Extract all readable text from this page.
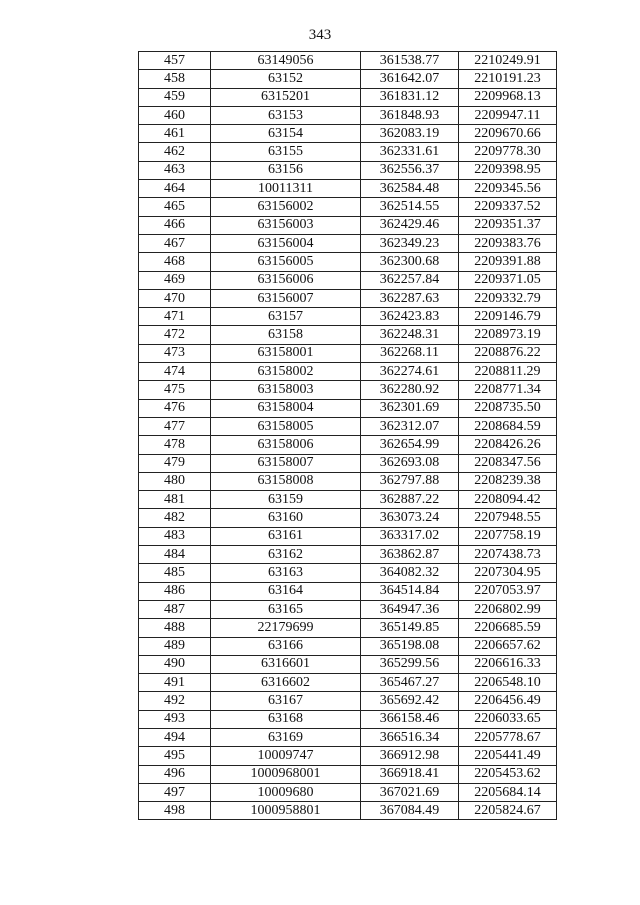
343
457	63149056	361538.77	2210249.91
458	63152	361642.07	2210191.23
459	6315201	361831.12	2209968.13
460	63153	361848.93	2209947.11
461	63154	362083.19	2209670.66
462	63155	362331.61	2209778.30
463	63156	362556.37	2209398.95
464	10011311	362584.48	2209345.56
465	63156002	362514.55	2209337.52
466	63156003	362429.46	2209351.37
467	63156004	362349.23	2209383.76
468	63156005	362300.68	2209391.88
469	63156006	362257.84	2209371.05
470	63156007	362287.63	2209332.79
471	63157	362423.83	2209146.79
472	63158	362248.31	2208973.19
473	63158001	362268.11	2208876.22
474	63158002	362274.61	2208811.29
475	63158003	362280.92	2208771.34
476	63158004	362301.69	2208735.50
477	63158005	362312.07	2208684.59
478	63158006	362654.99	2208426.26
479	63158007	362693.08	2208347.56
480	63158008	362797.88	2208239.38
481	63159	362887.22	2208094.42
482	63160	363073.24	2207948.55
483	63161	363317.02	2207758.19
484	63162	363862.87	2207438.73
485	63163	364082.32	2207304.95
486	63164	364514.84	2207053.97
487	63165	364947.36	2206802.99
488	22179699	365149.85	2206685.59
489	63166	365198.08	2206657.62
490	6316601	365299.56	2206616.33
491	6316602	365467.27	2206548.10
492	63167	365692.42	2206456.49
493	63168	366158.46	2206033.65
494	63169	366516.34	2205778.67
495	10009747	366912.98	2205441.49
496	1000968001	366918.41	2205453.62
497	10009680	367021.69	2205684.14
498	1000958801	367084.49	2205824.67
